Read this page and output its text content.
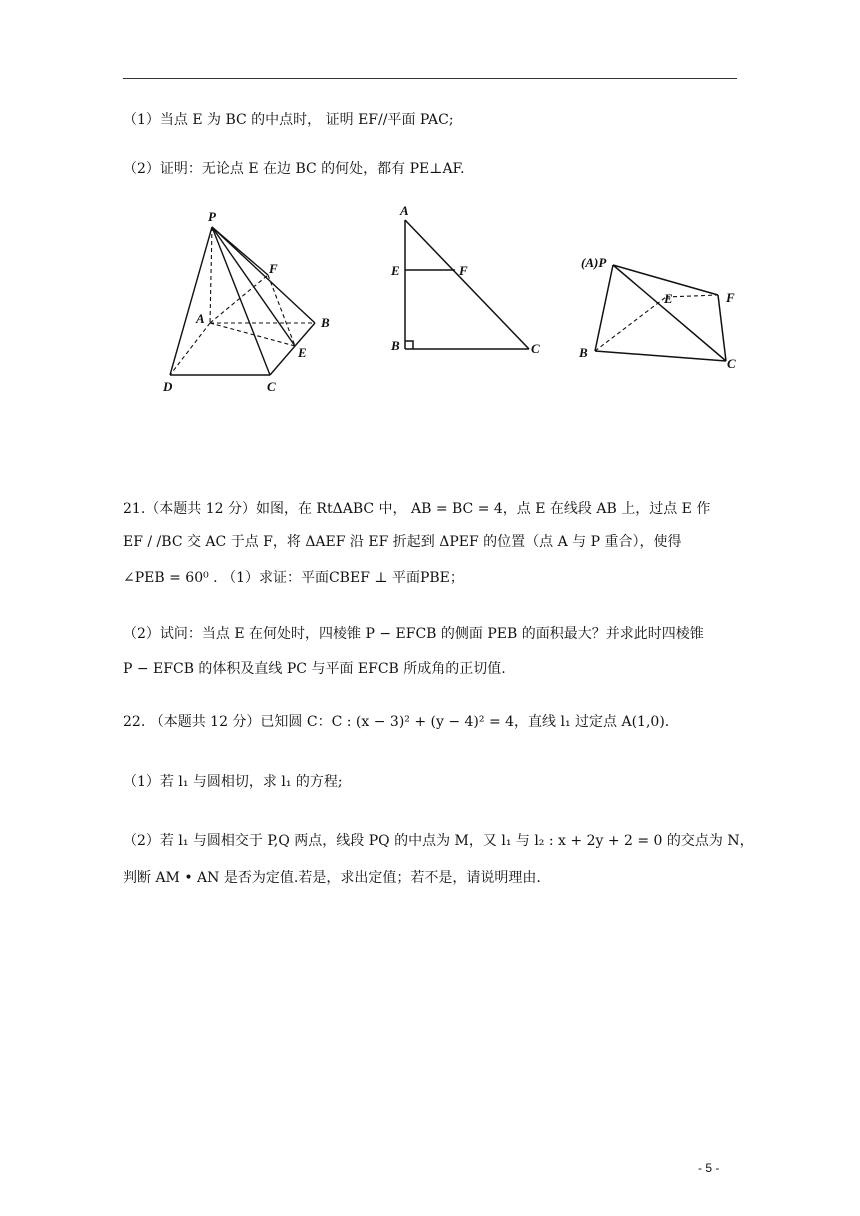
（1）当点 E 为 BC 的中点时， 证明 EF//平面 PAC;
（2）证明：无论点 E 在边 BC 的何处，都有 PE⊥AF.
P
F
A	B
E
D	C
A
E	F
B	C
(A)P
E	F
B
C
21.（本题共 12 分）如图，在 RtΔABC 中， AB = BC = 4，点 E 在线段 AB 上，过点 E 作
EF / /BC 交 AC 于点 F，将 ΔAEF 沿 EF 折起到 ΔPEF 的位置（点 A 与 P 重合），使得
∠PEB = 60⁰ . （1）求证：平面CBEF ⊥ 平面PBE；
（2）试问：当点 E 在何处时，四棱锥 P − EFCB 的侧面 PEB 的面积最大？并求此时四棱锥
P − EFCB 的体积及直线 PC 与平面 EFCB 所成角的正切值.
22. （本题共 12 分）已知圆 C：C : (x − 3)² + (y − 4)² = 4，直线 l₁ 过定点 A(1,0).
（1）若 l₁ 与圆相切，求 l₁ 的方程;
（2）若 l₁ 与圆相交于 P,Q 两点，线段 PQ 的中点为 M，又 l₁ 与 l₂ : x + 2y + 2 = 0 的交点为 N，
判断 AM • AN 是否为定值.若是，求出定值；若不是，请说明理由.
- 5 -
